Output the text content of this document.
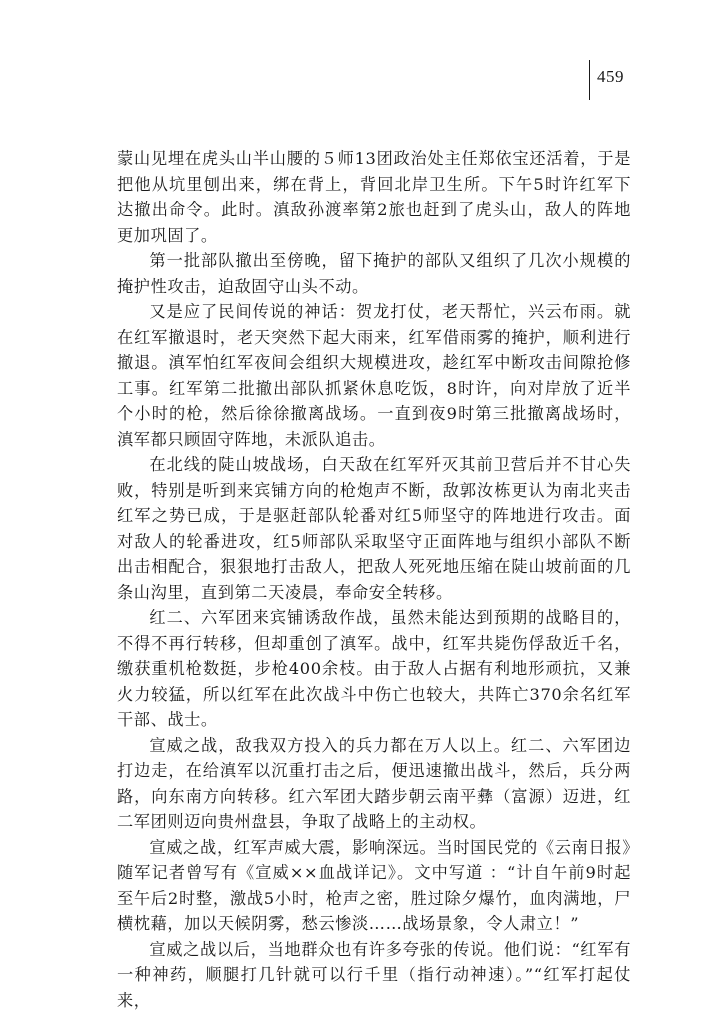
459

蒙山见埋在虎头山半山腰的５师13团政治处主任郑依宝还活着，于是把他从坑里刨出来，绑在背上，背回北岸卫生所。下午5时许红军下达撤出命令。此时。滇敌孙渡率第2旅也赶到了虎头山，敌人的阵地更加巩固了。

第一批部队撤出至傍晚，留下掩护的部队又组织了几次小规模的掩护性攻击，迫敌固守山头不动。

又是应了民间传说的神话：贺龙打仗，老天帮忙，兴云布雨。就在红军撤退时，老天突然下起大雨来，红军借雨雾的掩护，顺利进行撤退。滇军怕红军夜间会组织大规模进攻，趁红军中断攻击间隙抢修工事。红军第二批撤出部队抓紧休息吃饭，8时许，向对岸放了近半个小时的枪，然后徐徐撤离战场。一直到夜9时第三批撤离战场时，滇军都只顾固守阵地，未派队追击。

在北线的陡山坡战场，白天敌在红军歼灭其前卫营后并不甘心失败，特别是听到来宾铺方向的枪炮声不断，敌郭汝栋更认为南北夹击红军之势已成，于是驱赶部队轮番对红5师坚守的阵地进行攻击。面对敌人的轮番进攻，红5师部队采取坚守正面阵地与组织小部队不断出击相配合，狠狠地打击敌人，把敌人死死地压缩在陡山坡前面的几条山沟里，直到第二天凌晨，奉命安全转移。

红二、六军团来宾铺诱敌作战，虽然未能达到预期的战略目的，不得不再行转移，但却重创了滇军。战中，红军共毙伤俘敌近千名，缴获重机枪数挺，步枪400余枝。由于敌人占据有利地形顽抗，又兼火力较猛，所以红军在此次战斗中伤亡也较大，共阵亡370余名红军干部、战士。

宣威之战，敌我双方投入的兵力都在万人以上。红二、六军团边打边走，在给滇军以沉重打击之后，便迅速撤出战斗，然后，兵分两路，向东南方向转移。红六军团大踏步朝云南平彝（富源）迈进，红二军团则迈向贵州盘县，争取了战略上的主动权。

宣威之战，红军声威大震，影响深远。当时国民党的《云南日报》随军记者曾写有《宣威××血战详记》。文中写道 ：“计自午前9时起至午后2时整，激战5小时，枪声之密，胜过除夕爆竹，血肉满地，尸横枕藉，加以天候阴雾，愁云惨淡……战场景象，令人肃立！”

宣威之战以后，当地群众也有许多夸张的传说。他们说：“红军有一种神药，顺腿打几针就可以行千里（指行动神速）。”“红军打起仗来，
